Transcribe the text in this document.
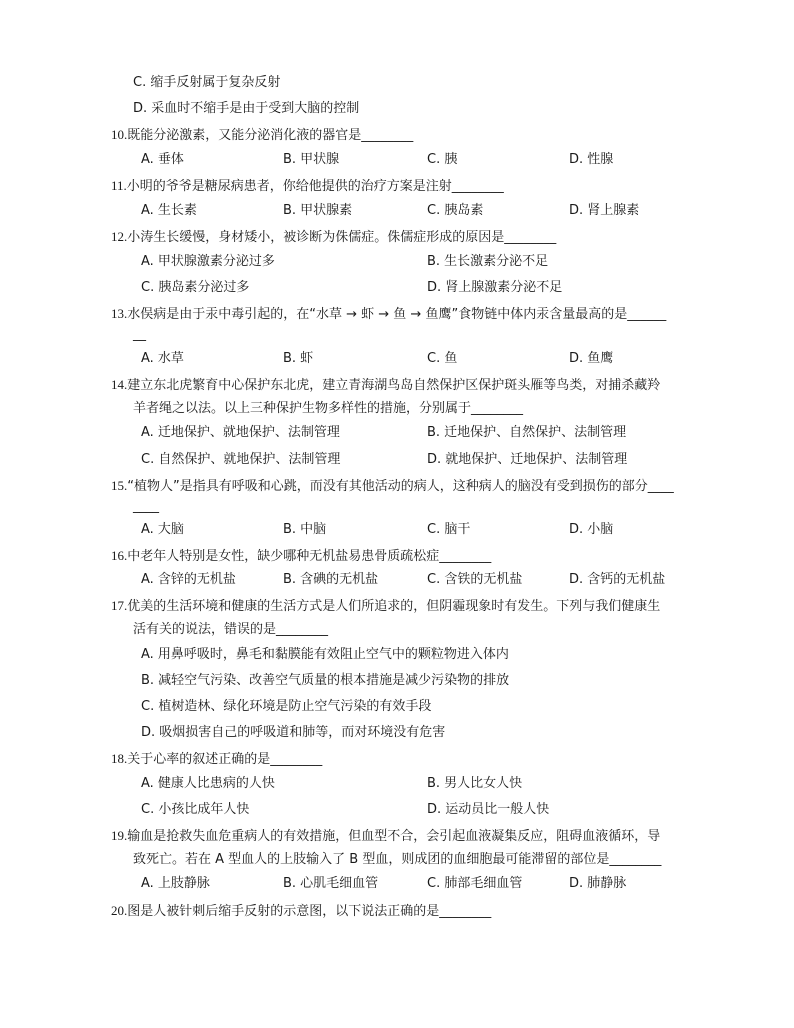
C. 缩手反射属于复杂反射
D. 采血时不缩手是由于受到大脑的控制
10.既能分泌激素，又能分泌消化液的器官是________
A. 垂体	B. 甲状腺	C. 胰	D. 性腺
11.小明的爷爷是糖尿病患者，你给他提供的治疗方案是注射________
A. 生长素	B. 甲状腺素	C. 胰岛素	D. 肾上腺素
12.小涛生长缓慢，身材矮小，被诊断为侏儒症。侏儒症形成的原因是________
A. 甲状腺激素分泌过多	B. 生长激素分泌不足
C. 胰岛素分泌过多	D. 肾上腺激素分泌不足
13.水俣病是由于汞中毒引起的，在“水草 → 虾 → 鱼 → 鱼鹰”食物链中体内汞含量最高的是______
__
A. 水草	B. 虾	C. 鱼	D. 鱼鹰
14.建立东北虎繁育中心保护东北虎，建立青海湖鸟岛自然保护区保护斑头雁等鸟类，对捕杀藏羚
羊者绳之以法。以上三种保护生物多样性的措施，分别属于________
A. 迁地保护、就地保护、法制管理	B. 迁地保护、自然保护、法制管理
C. 自然保护、就地保护、法制管理	D. 就地保护、迁地保护、法制管理
15.“植物人”是指具有呼吸和心跳，而没有其他活动的病人，这种病人的脑没有受到损伤的部分____
____
A. 大脑	B. 中脑	C. 脑干	D. 小脑
16.中老年人特别是女性，缺少哪种无机盐易患骨质疏松症________
A. 含锌的无机盐	B. 含碘的无机盐	C. 含铁的无机盐	D. 含钙的无机盐
17.优美的生活环境和健康的生活方式是人们所追求的，但阴霾现象时有发生。下列与我们健康生
活有关的说法，错误的是________
A. 用鼻呼吸时，鼻毛和黏膜能有效阻止空气中的颗粒物进入体内
B. 减轻空气污染、改善空气质量的根本措施是减少污染物的排放
C. 植树造林、绿化环境是防止空气污染的有效手段
D. 吸烟损害自己的呼吸道和肺等，而对环境没有危害
18.关于心率的叙述正确的是________
A. 健康人比患病的人快	B. 男人比女人快
C. 小孩比成年人快	D. 运动员比一般人快
19.输血是抢救失血危重病人的有效措施，但血型不合，会引起血液凝集反应，阻碍血液循环，导
致死亡。若在 A 型血人的上肢输入了 B 型血，则成团的血细胞最可能滞留的部位是________
A. 上肢静脉	B. 心肌毛细血管	C. 肺部毛细血管	D. 肺静脉
20.图是人被针刺后缩手反射的示意图，以下说法正确的是________
